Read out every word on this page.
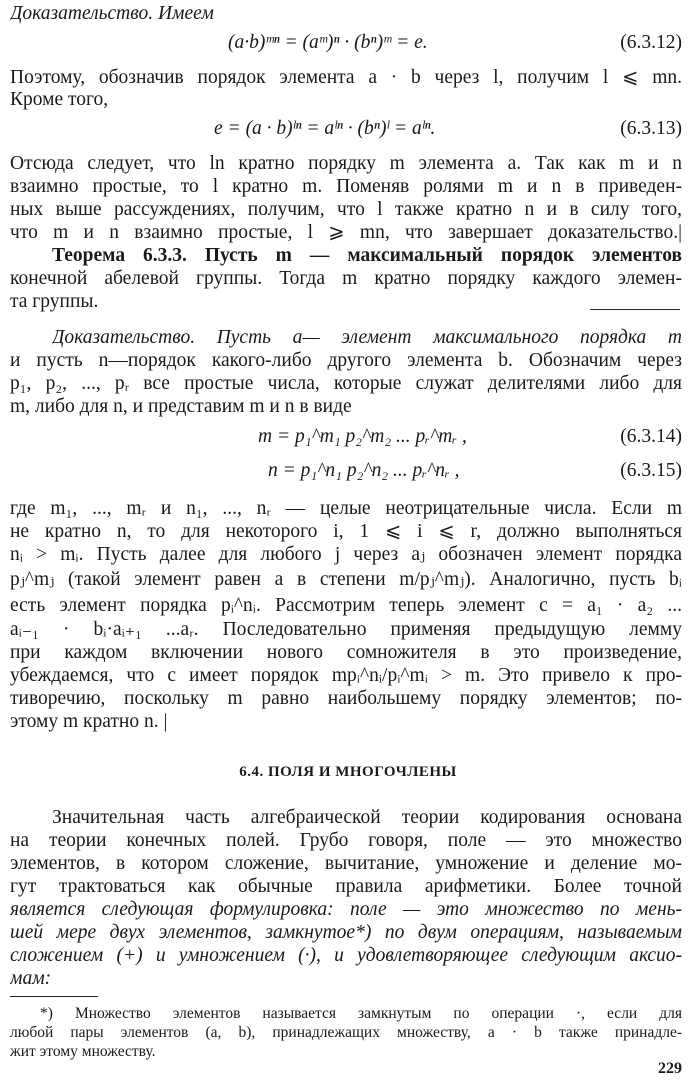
Доказательство. Имеем
(a·b)ᵐⁿ = (aᵐ)ⁿ · (bⁿ)ᵐ = e.	(6.3.12)
Поэтому, обозначив порядок элемента a · b через l, получим l ⩽ mn.
Кроме того,
e = (a · b)ˡⁿ = aˡⁿ · (bⁿ)ˡ = aˡⁿ.	(6.3.13)
Отсюда следует, что ln кратно порядку m элемента a. Так как m и n
взаимно простые, то l кратно m. Поменяв ролями m и n в приведен-
ных выше рассуждениях, получим, что l также кратно n и в силу того,
что m и n взаимно простые, l ⩾ mn, что завершает доказательство.|
Теорема 6.3.3. Пусть m — максимальный порядок элементов
конечной абелевой группы. Тогда m кратно порядку каждого элемен-
та группы.
Доказательство. Пусть a— элемент максимального порядка m
и пусть n—порядок какого-либо другого элемента b. Обозначим через
p₁, p₂, ..., pᵣ все простые числа, которые служат делителями либо для
m, либо для n, и представим m и n в виде
m = p₁^m₁ p₂^m₂ ... pᵣ^mᵣ ,	(6.3.14)
n = p₁^n₁ p₂^n₂ ... pᵣ^nᵣ ,	(6.3.15)
где m₁, ..., mᵣ и n₁, ..., nᵣ — целые неотрицательные числа. Если m
не кратно n, то для некоторого i, 1 ⩽ i ⩽ r, должно выполняться
nᵢ > mᵢ. Пусть далее для любого j через aⱼ обозначен элемент порядка
pⱼ^mⱼ (такой элемент равен a в степени m/pⱼ^mⱼ). Аналогично, пусть bᵢ
есть элемент порядка pᵢ^nᵢ. Рассмотрим теперь элемент c = a₁ · a₂ ...
aᵢ₋₁ · bᵢ·aᵢ₊₁ ...aᵣ. Последовательно применяя предыдущую лемму
при каждом включении нового сомножителя в это произведение,
убеждаемся, что c имеет порядок mpᵢ^nᵢ/pᵢ^mᵢ > m. Это привело к про-
тиворечию, поскольку m равно наибольшему порядку элементов; по-
этому m кратно n. |
6.4. ПОЛЯ И МНОГОЧЛЕНЫ
Значительная часть алгебраической теории кодирования основана
на теории конечных полей. Грубо говоря, поле — это множество
элементов, в котором сложение, вычитание, умножение и деление мо-
гут трактоваться как обычные правила арифметики. Более точной
является следующая формулировка: поле — это множество по мень-
шей мере двух элементов, замкнутое*) по двум операциям, называемым
сложением (+) и умножением (·), и удовлетворяющее следующим аксио-
мам:
*) Множество элементов называется замкнутым по операции ·, если для
любой пары элементов (a, b), принадлежащих множеству, a · b также принадле-
жит этому множеству.
229
